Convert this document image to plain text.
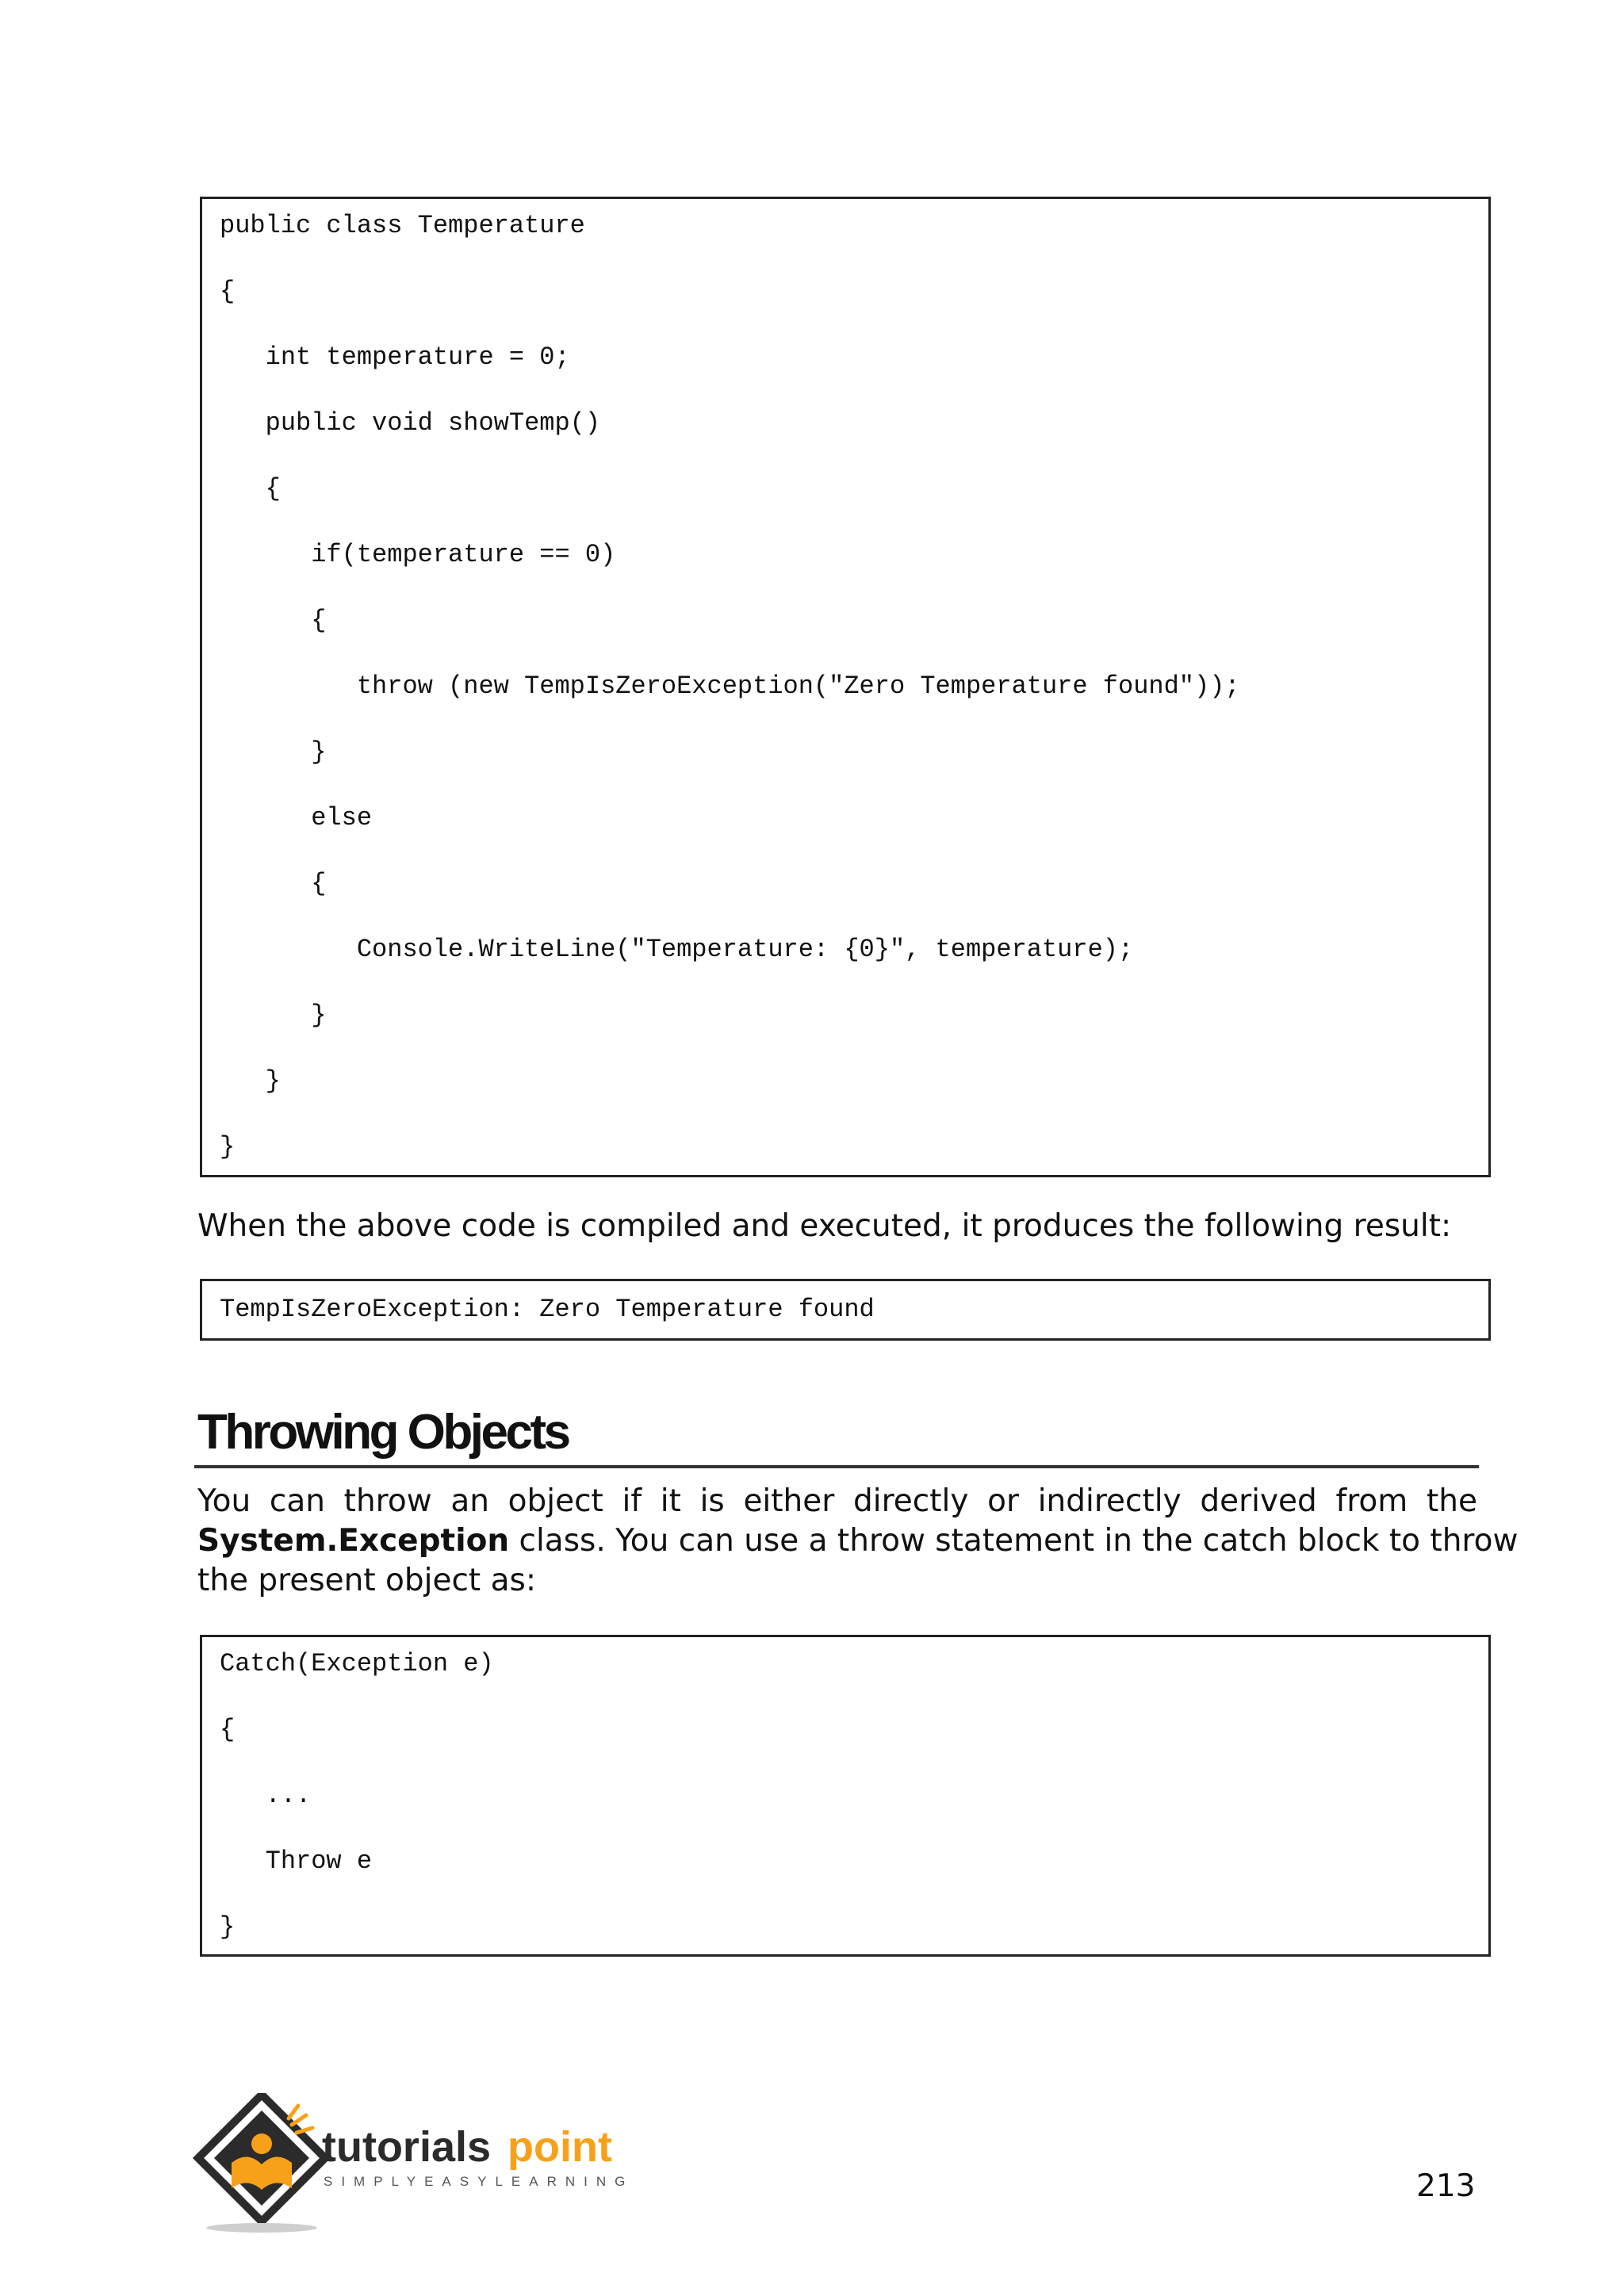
public class Temperature
{
int temperature = 0;
public void showTemp()
{
if(temperature == 0)
{
throw (new TempIsZeroException("Zero Temperature found"));
}
else
{
Console.WriteLine("Temperature: {0}", temperature);
}
}
}
When the above code is compiled and executed, it produces the following result:
TempIsZeroException: Zero Temperature found
Throwing Objects
You can throw an object if it is either directly or indirectly derived from the
System.Exception class. You can use a throw statement in the catch block to throw
the present object as:
Catch(Exception e)
{
...
Throw e
}
tutorials point
SIMPLYEASYLEARNING	213
